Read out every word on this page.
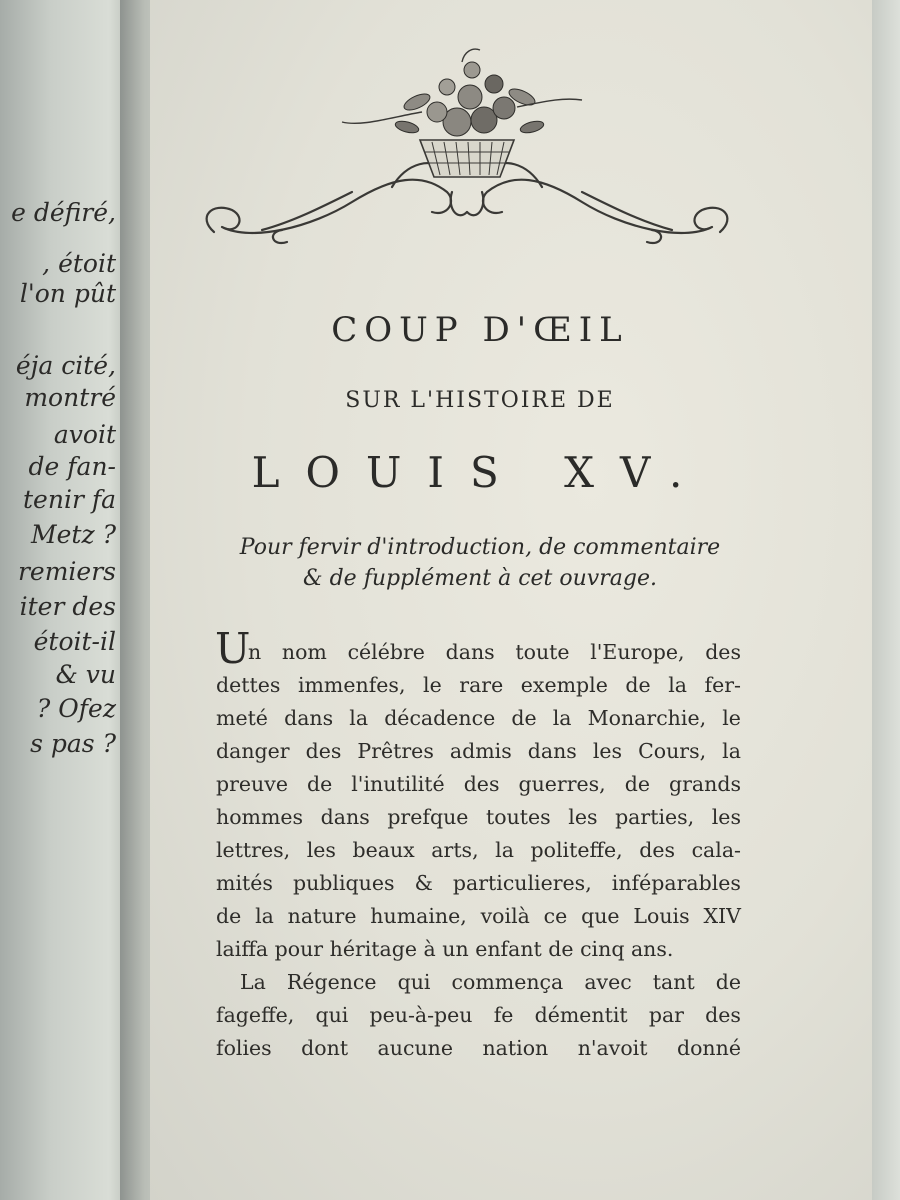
e défiré,
, étoit
l'on pût
éja cité,
montré
avoit
de fan-
tenir fa
Metz ?
remiers
iter des
étoit-il
& vu
? Ofez
s pas ?
COUP D'ŒIL
SUR L'HISTOIRE DE
LOUIS XV.
Pour fervir d'introduction, de commentaire
& de fupplément à cet ouvrage.
U
n nom célébre dans toute l'Europe, des
dettes immenfes, le rare exemple de la fer-
meté dans la décadence de la Monarchie, le
danger des Prêtres admis dans les Cours, la
preuve de l'inutilité des guerres, de grands
hommes dans prefque toutes les parties, les
lettres, les beaux arts, la politeffe, des cala-
mités publiques & particulieres, inféparables
de la nature humaine, voilà ce que Louis XIV
laiffa pour héritage à un enfant de cinq ans.
La Régence qui commença avec tant de
fageffe, qui peu-à-peu fe démentit par des
folies dont aucune nation n'avoit donné
